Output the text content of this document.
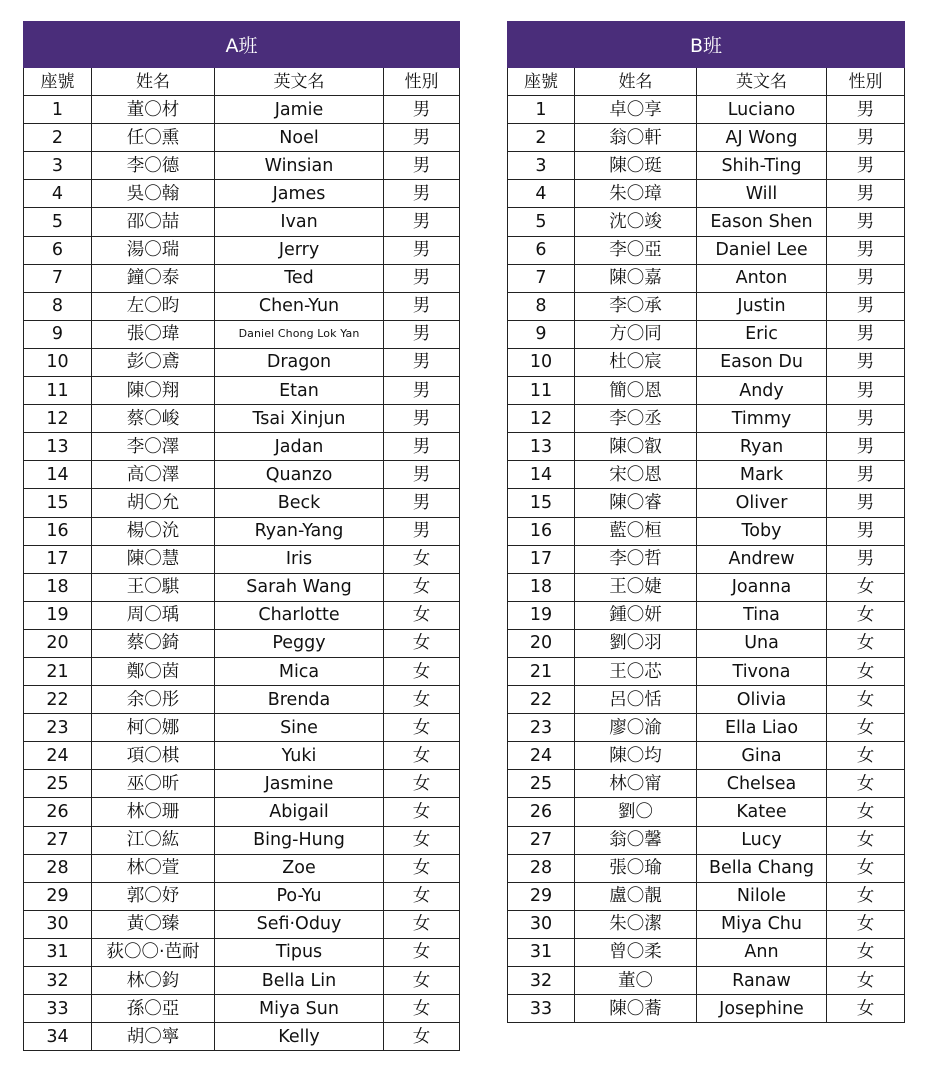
A班			
座號	姓名	英文名	性別
1	董〇材	Jamie	男
2	任〇熏	Noel	男
3	李〇德	Winsian	男
4	吳〇翰	James	男
5	邵〇喆	Ivan	男
6	湯〇瑞	Jerry	男
7	鐘〇泰	Ted	男
8	左〇昀	Chen-Yun	男
9	張〇瑋	Daniel Chong Lok Yan	男
10	彭〇鳶	Dragon	男
11	陳〇翔	Etan	男
12	蔡〇峻	Tsai Xinjun	男
13	李〇澤	Jadan	男
14	高〇澤	Quanzo	男
15	胡〇允	Beck	男
16	楊〇沇	Ryan-Yang	男
17	陳〇慧	Iris	女
18	王〇騏	Sarah Wang	女
19	周〇瑀	Charlotte	女
20	蔡〇錡	Peggy	女
21	鄭〇茵	Mica	女
22	余〇彤	Brenda	女
23	柯〇娜	Sine	女
24	項〇棋	Yuki	女
25	巫〇昕	Jasmine	女
26	林〇珊	Abigail	女
27	江〇紘	Bing-Hung	女
28	林〇萱	Zoe	女
29	郭〇妤	Po-Yu	女
30	黃〇臻	Sefi·Oduy	女
31	荻〇〇·芭耐	Tipus	女
32	林〇鈞	Bella Lin	女
33	孫〇亞	Miya Sun	女
34	胡〇寧	Kelly	女
B班			
座號	姓名	英文名	性別
1	卓〇享	Luciano	男
2	翁〇軒	AJ Wong	男
3	陳〇珽	Shih-Ting	男
4	朱〇璋	Will	男
5	沈〇竣	Eason Shen	男
6	李〇亞	Daniel Lee	男
7	陳〇嘉	Anton	男
8	李〇承	Justin	男
9	方〇同	Eric	男
10	杜〇宸	Eason Du	男
11	簡〇恩	Andy	男
12	李〇丞	Timmy	男
13	陳〇叡	Ryan	男
14	宋〇恩	Mark	男
15	陳〇睿	Oliver	男
16	藍〇桓	Toby	男
17	李〇哲	Andrew	男
18	王〇婕	Joanna	女
19	鍾〇妍	Tina	女
20	劉〇羽	Una	女
21	王〇芯	Tivona	女
22	呂〇恬	Olivia	女
23	廖〇渝	Ella Liao	女
24	陳〇均	Gina	女
25	林〇甯	Chelsea	女
26	劉〇	Katee	女
27	翁〇馨	Lucy	女
28	張〇瑜	Bella Chang	女
29	盧〇靚	Nilole	女
30	朱〇潔	Miya Chu	女
31	曾〇柔	Ann	女
32	董〇	Ranaw	女
33	陳〇蕎	Josephine	女
